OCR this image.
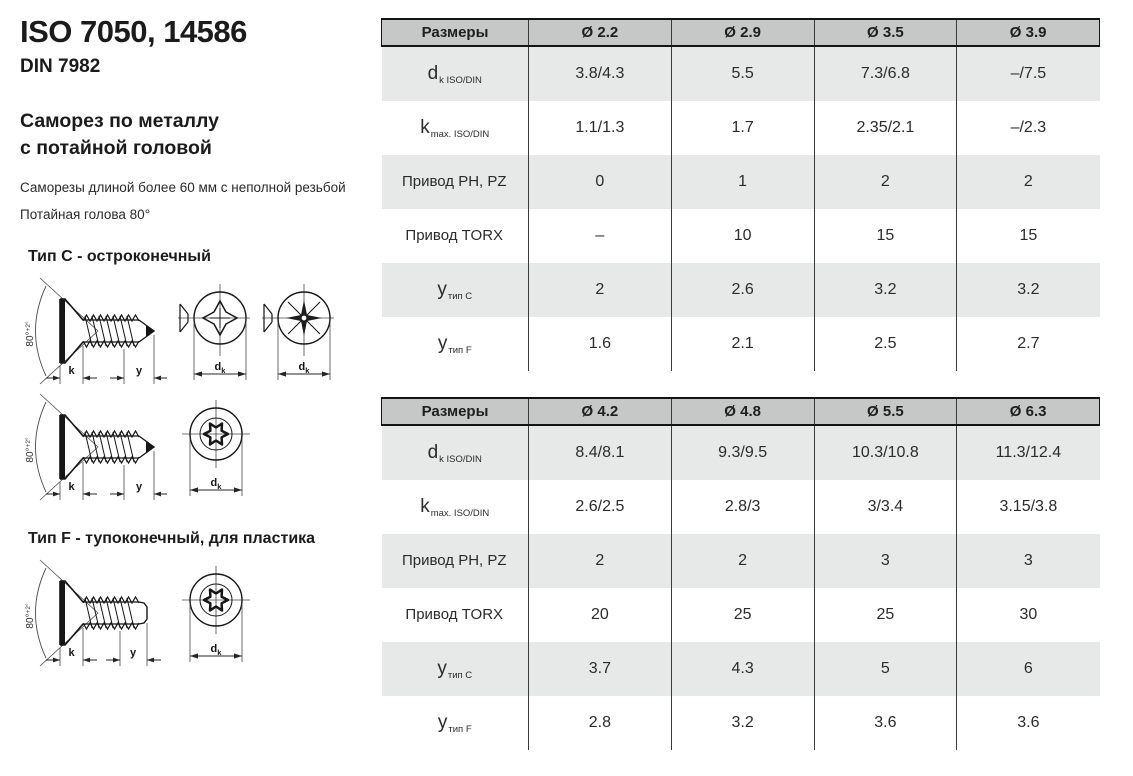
ISO 7050, 14586
DIN 7982
Саморез по металлу
с потайной головой
Саморезы длиной более 60 мм с неполной резьбой
Потайная голова 80°
Тип C - остроконечный
80°$^{+2^\circ}$
k	y	$d_k$	$d_k$
80°$^{+2^\circ}$
k	y	$d_k$
Тип F - тупоконечный, для пластика
80°$^{+2^\circ}$
k	y	$d_k$
Размеры	Ø 2.2	Ø 2.9	Ø 3.5	Ø 3.9
$d_{k ISO/DIN}$	3.8/4.3	5.5	7.3/6.8	–/7.5
$k_{max. ISO/DIN}$	1.1/1.3	1.7	2.35/2.1	–/2.3
Привод PH, PZ	0	1	2	2
Привод TORX	–	10	15	15
$y_{тип C}$	2	2.6	3.2	3.2
$y_{тип F}$	1.6	2.1	2.5	2.7
Размеры	Ø 4.2	Ø 4.8	Ø 5.5	Ø 6.3
$d_{k ISO/DIN}$	8.4/8.1	9.3/9.5	10.3/10.8	11.3/12.4
$k_{max. ISO/DIN}$	2.6/2.5	2.8/3	3/3.4	3.15/3.8
Привод PH, PZ	2	2	3	3
Привод TORX	20	25	25	30
$y_{тип C}$	3.7	4.3	5	6
$y_{тип F}$	2.8	3.2	3.6	3.6
